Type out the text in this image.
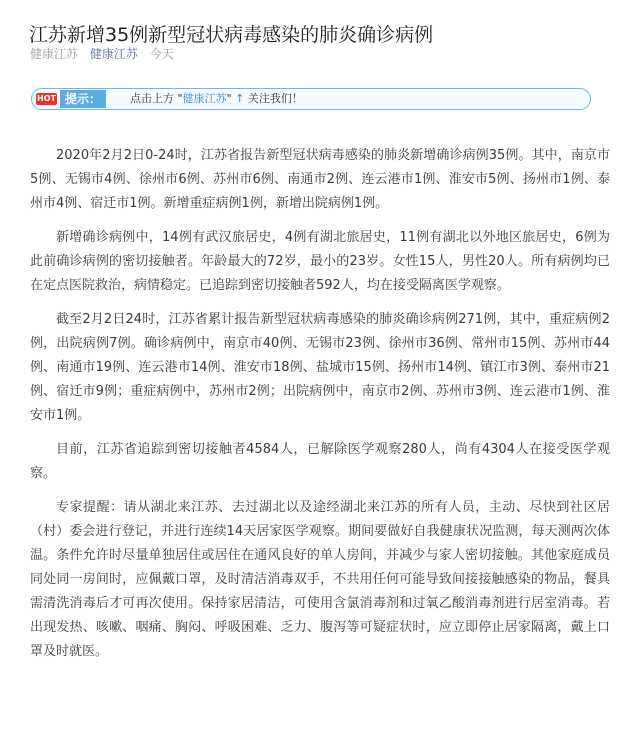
江苏新增35例新型冠状病毒感染的肺炎确诊病例
健康江苏 健康江苏 今天
HOT 提示：	点击上方 "健康江苏" ↑ 关注我们！

2020年2月2日0-24时，江苏省报告新型冠状病毒感染的肺炎新增确诊病例35例。其中，南京市5例、无锡市4例、徐州市6例、苏州市6例、南通市2例、连云港市1例、淮安市5例、扬州市1例、泰州市4例、宿迁市1例。新增重症病例1例，新增出院病例1例。

新增确诊病例中，14例有武汉旅居史，4例有湖北旅居史，11例有湖北以外地区旅居史，6例为此前确诊病例的密切接触者。年龄最大的72岁，最小的23岁。女性15人，男性20人。所有病例均已在定点医院救治，病情稳定。已追踪到密切接触者592人，均在接受隔离医学观察。

截至2月2日24时，江苏省累计报告新型冠状病毒感染的肺炎确诊病例271例，其中，重症病例2例，出院病例7例。确诊病例中，南京市40例、无锡市23例、徐州市36例、常州市15例、苏州市44例、南通市19例、连云港市14例、淮安市18例、盐城市15例、扬州市14例、镇江市3例、泰州市21例、宿迁市9例；重症病例中，苏州市2例；出院病例中，南京市2例、苏州市3例、连云港市1例、淮安市1例。

目前，江苏省追踪到密切接触者4584人，已解除医学观察280人，尚有4304人在接受医学观察。

专家提醒：请从湖北来江苏、去过湖北以及途经湖北来江苏的所有人员，主动、尽快到社区居（村）委会进行登记，并进行连续14天居家医学观察。期间要做好自我健康状况监测，每天测两次体温。条件允许时尽量单独居住或居住在通风良好的单人房间，并减少与家人密切接触。其他家庭成员同处同一房间时，应佩戴口罩，及时清洁消毒双手，不共用任何可能导致间接接触感染的物品，餐具需清洗消毒后才可再次使用。保持家居清洁，可使用含氯消毒剂和过氧乙酸消毒剂进行居室消毒。若出现发热、咳嗽、咽痛、胸闷、呼吸困难、乏力、腹泻等可疑症状时，应立即停止居家隔离，戴上口罩及时就医。
